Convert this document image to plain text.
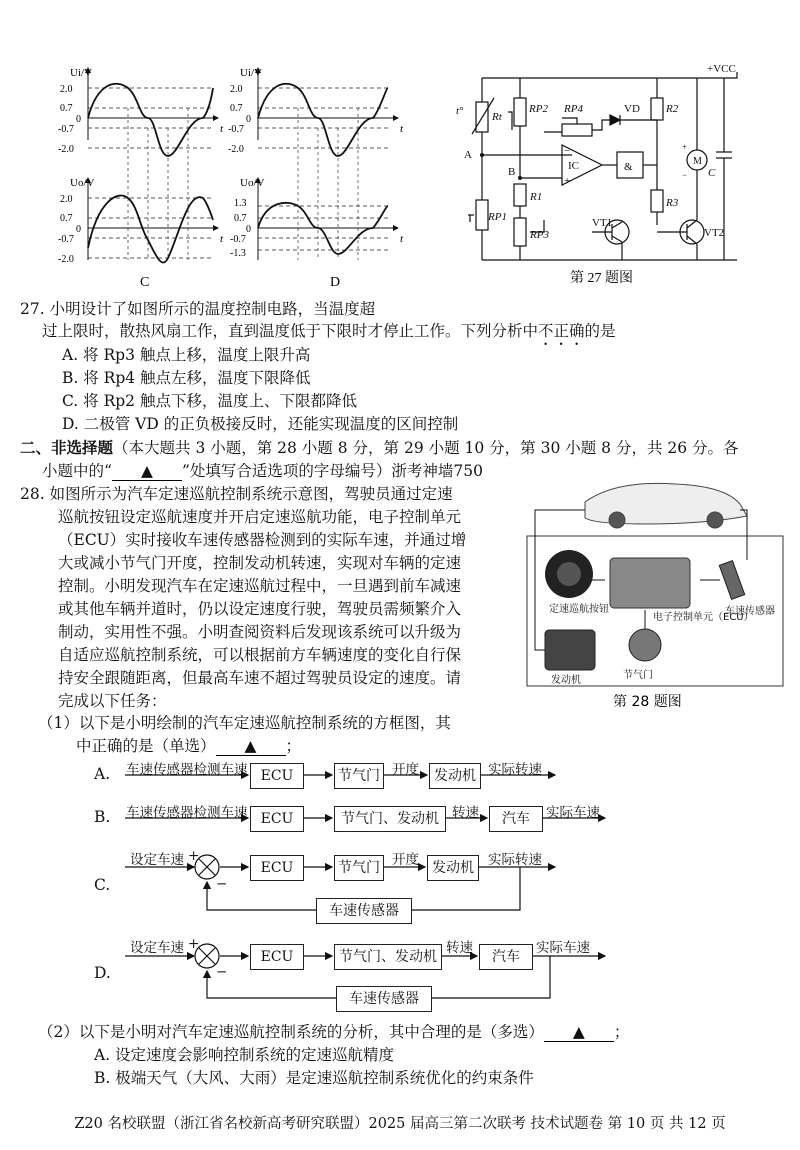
Ui/V
2.0
0.7
0
-0.7
-2.0
t
Uo/V
2.0
0.7
0
-0.7
-2.0
t
C
Ui/V
2.0
0.7
0
-0.7
-2.0
t
Uo/V
1.3
0.7
0
-0.7
-1.3
t
D
+VCC
t°	Rt
RP2 RP4	VD R2
A
B	IC
−
+
&	M
+
− C
R1	R3
RP1
RP3
VT1
VT2
第 27 题图
27. 小明设计了如图所示的温度控制电路，当温度超
过上限时，散热风扇工作，直到温度低于下限时才停止工作。下列分析中不正确的是
A. 将 Rp3 触点上移，温度上限升高
B. 将 Rp4 触点左移，温度下限降低
C. 将 Rp2 触点下移，温度上、下限都降低
D. 二极管 VD 的正负极接反时，还能实现温度的区间控制
二、非选择题（本大题共 3 小题，第 28 小题 8 分，第 29 小题 10 分，第 30 小题 8 分，共 26 分。各
小题中的“ ▲ ”处填写合适选项的字母编号）浙考神墙750
28. 如图所示为汽车定速巡航控制系统示意图，驾驶员通过定速
巡航按钮设定巡航速度并开启定速巡航功能，电子控制单元
（ECU）实时接收车速传感器检测到的实际车速，并通过增
大或减小节气门开度，控制发动机转速，实现对车辆的定速
控制。小明发现汽车在定速巡航过程中，一旦遇到前车减速
或其他车辆并道时，仍以设定速度行驶，驾驶员需频繁介入
制动，实用性不强。小明查阅资料后发现该系统可以升级为
自适应巡航控制系统，可以根据前方车辆速度的变化自行保
持安全跟随距离，但最高车速不超过驾驶员设定的速度。请
完成以下任务：
定速巡航按钮
电子控制单元（ECU）
车速传感器
节气门
发动机
第 28 题图
（1）以下是小明绘制的汽车定速巡航控制系统的方框图，其
中正确的是（单选） ▲ ；
A. 车速传感器检测车速 ECU	节气门 开度	发动机 实际转速
B. 车速传感器检测车速 ECU	节气门、发动机 转速	汽车	实际车速
C.
设定车速 +
−
ECU	节气门 开度 发动机	实际转速
车速传感器
D.
设定车速 +
−
ECU	节气门、发动机
转速
汽车
实际车速
车速传感器
（2）以下是小明对汽车定速巡航控制系统的分析，其中合理的是（多选） ▲ ；
A. 设定速度会影响控制系统的定速巡航精度
B. 极端天气（大风、大雨）是定速巡航控制系统优化的约束条件
Z20 名校联盟（浙江省名校新高考研究联盟）2025 届高三第二次联考 技术试题卷 第 10 页 共 12 页
